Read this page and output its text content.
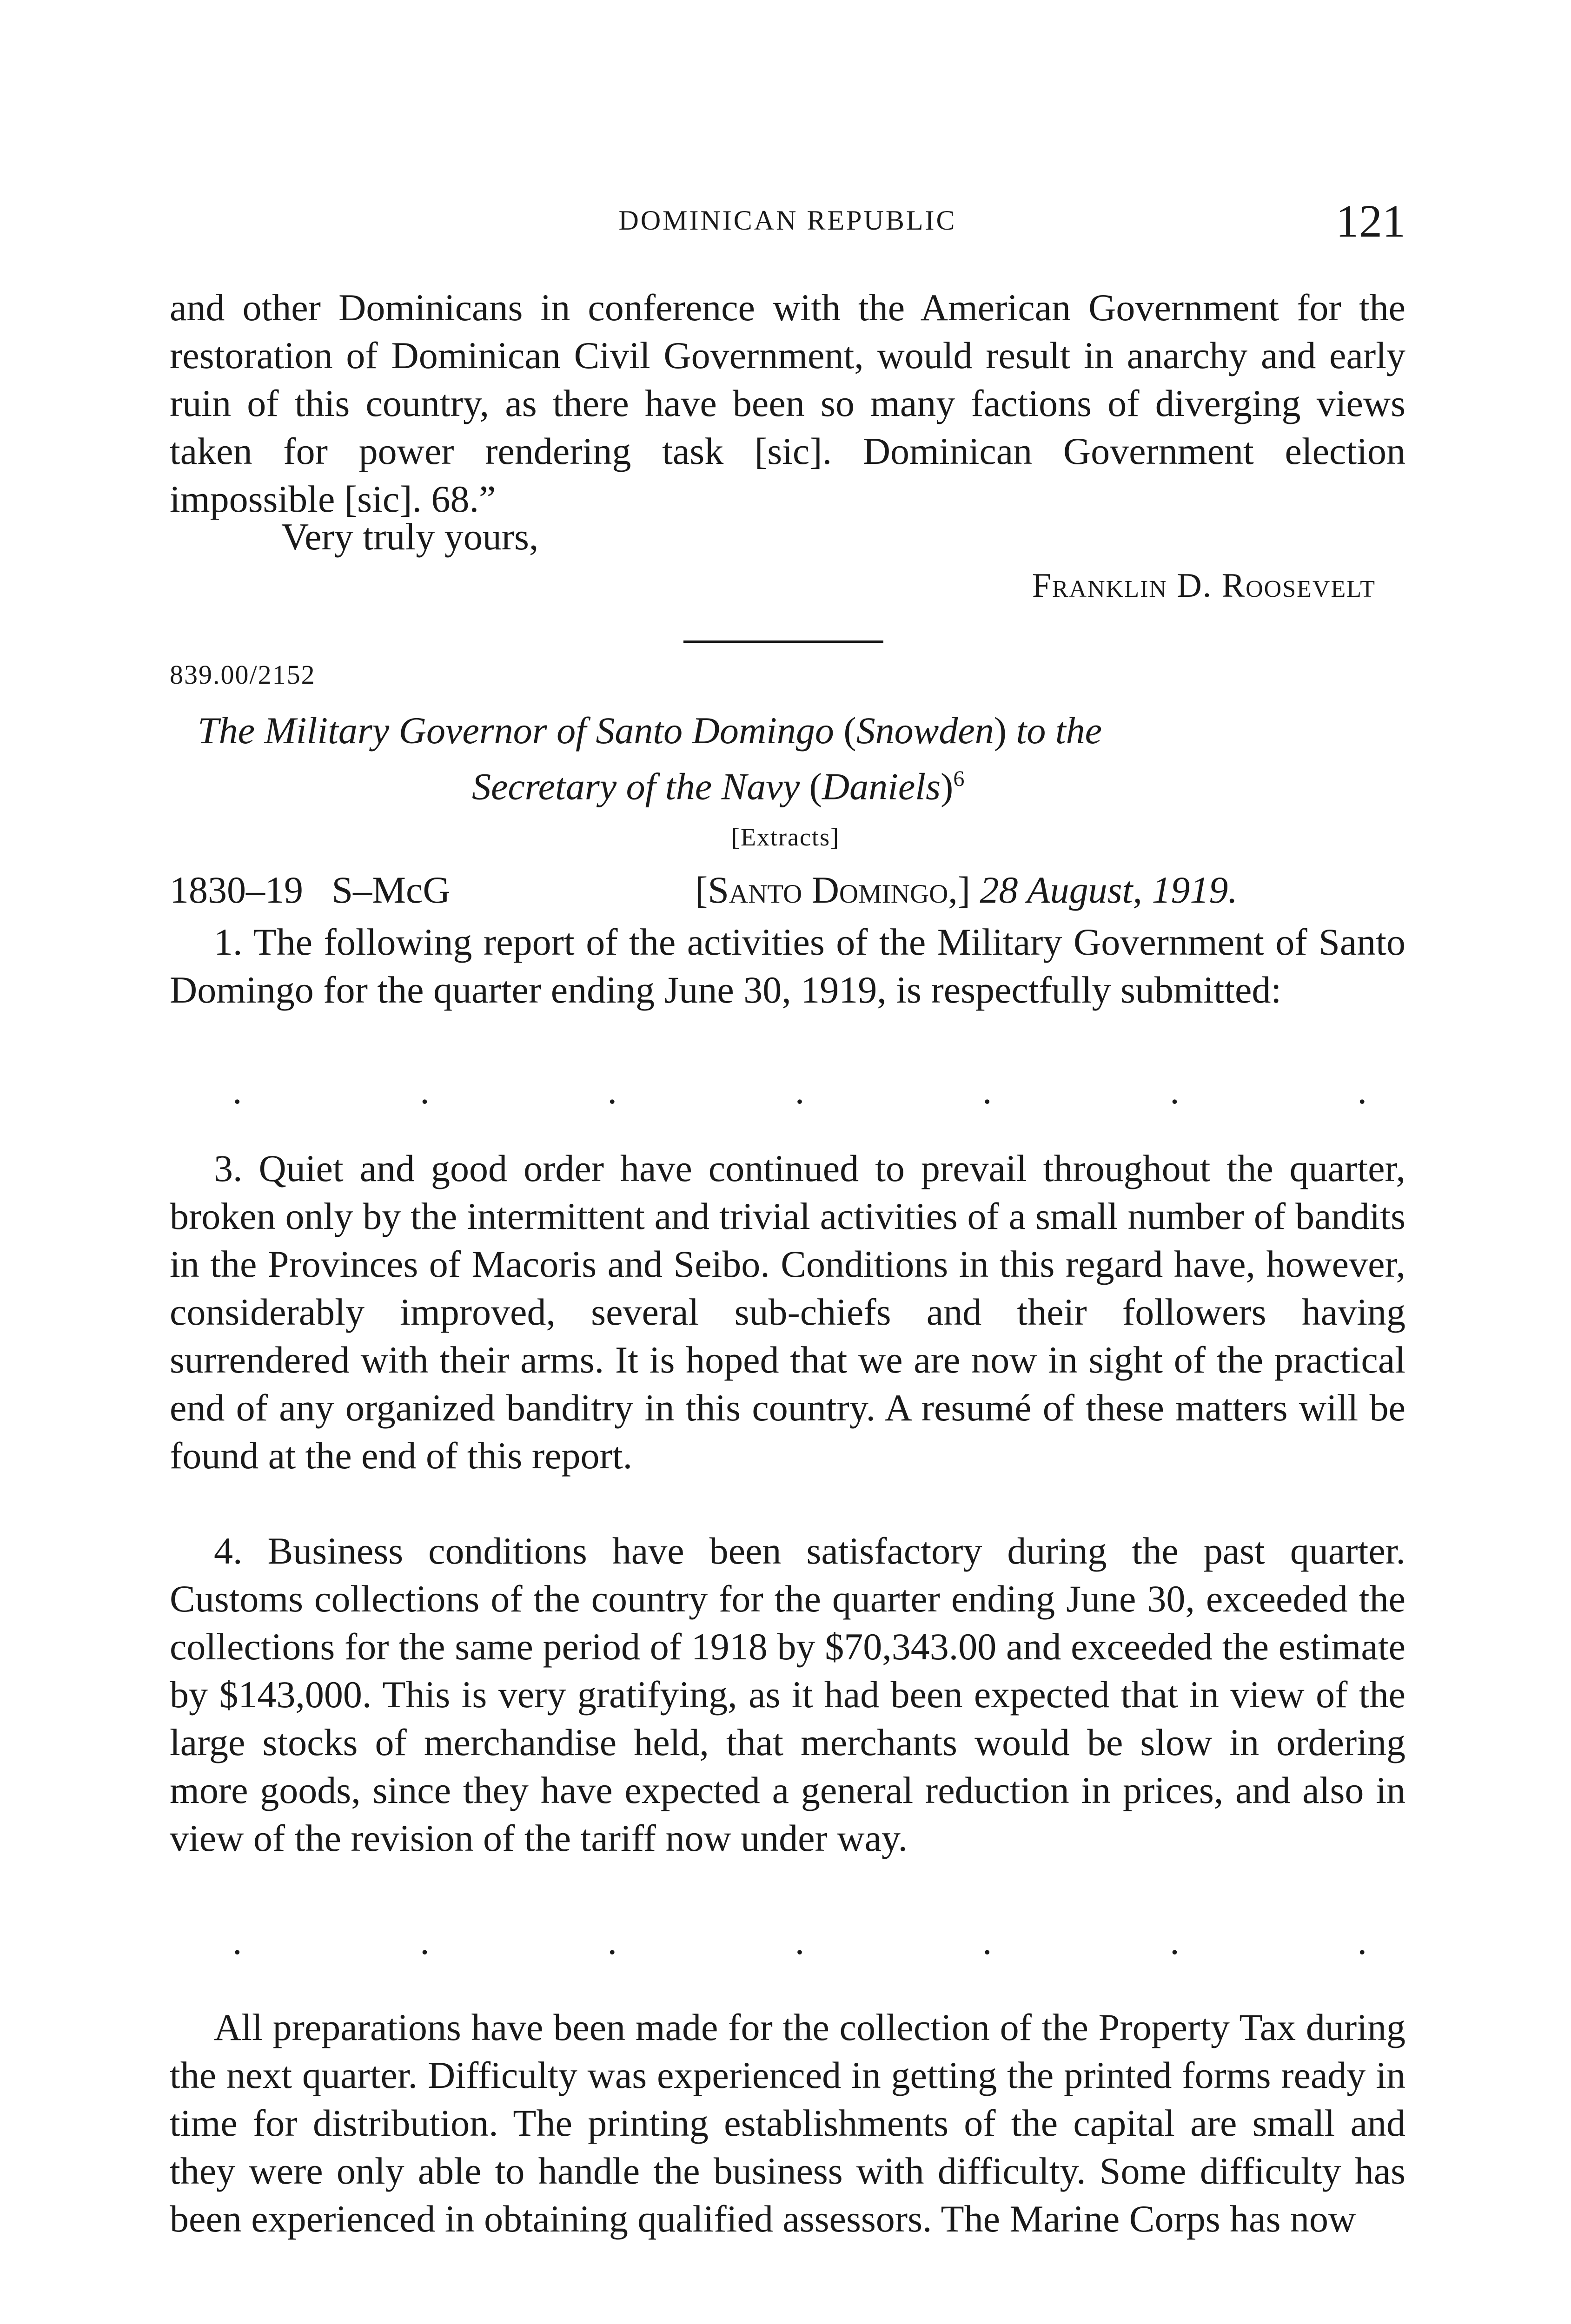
DOMINICAN REPUBLIC	121

and other Dominicans in conference with the American Government for the restoration of Dominican Civil Government, would result in anarchy and early ruin of this country, as there have been so many factions of diverging views taken for power rendering task [sic]. Dominican Government election impossible [sic]. 68.”

Very truly yours,
Franklin D. Roosevelt
839.00/2152
The Military Governor of Santo Domingo (Snowden) to the
Secretary of the Navy (Daniels)$^6$
[Extracts]
1830–19   S–McG	[Santo Domingo,] 28 August, 1919.

1. The following report of the activities of the Military Government of Santo Domingo for the quarter ending June 30, 1919, is respectfully submitted:

.	.	.	.	.	.	.

3. Quiet and good order have continued to prevail throughout the quarter, broken only by the intermittent and trivial activities of a small number of bandits in the Provinces of Macoris and Seibo. Conditions in this regard have, however, considerably improved, several sub-chiefs and their followers having surrendered with their arms. It is hoped that we are now in sight of the practical end of any organized banditry in this country. A resumé of these matters will be found at the end of this report.

4. Business conditions have been satisfactory during the past quarter. Customs collections of the country for the quarter ending June 30, exceeded the collections for the same period of 1918 by $70,343.00 and exceeded the estimate by $143,000. This is very gratifying, as it had been expected that in view of the large stocks of merchandise held, that merchants would be slow in ordering more goods, since they have expected a general reduction in prices, and also in view of the revision of the tariff now under way.

.	.	.	.	.	.	.

All preparations have been made for the collection of the Property Tax during the next quarter. Difficulty was experienced in getting the printed forms ready in time for distribution. The printing establishments of the capital are small and they were only able to handle the business with difficulty. Some difficulty has been experienced in obtaining qualified assessors. The Marine Corps has now
